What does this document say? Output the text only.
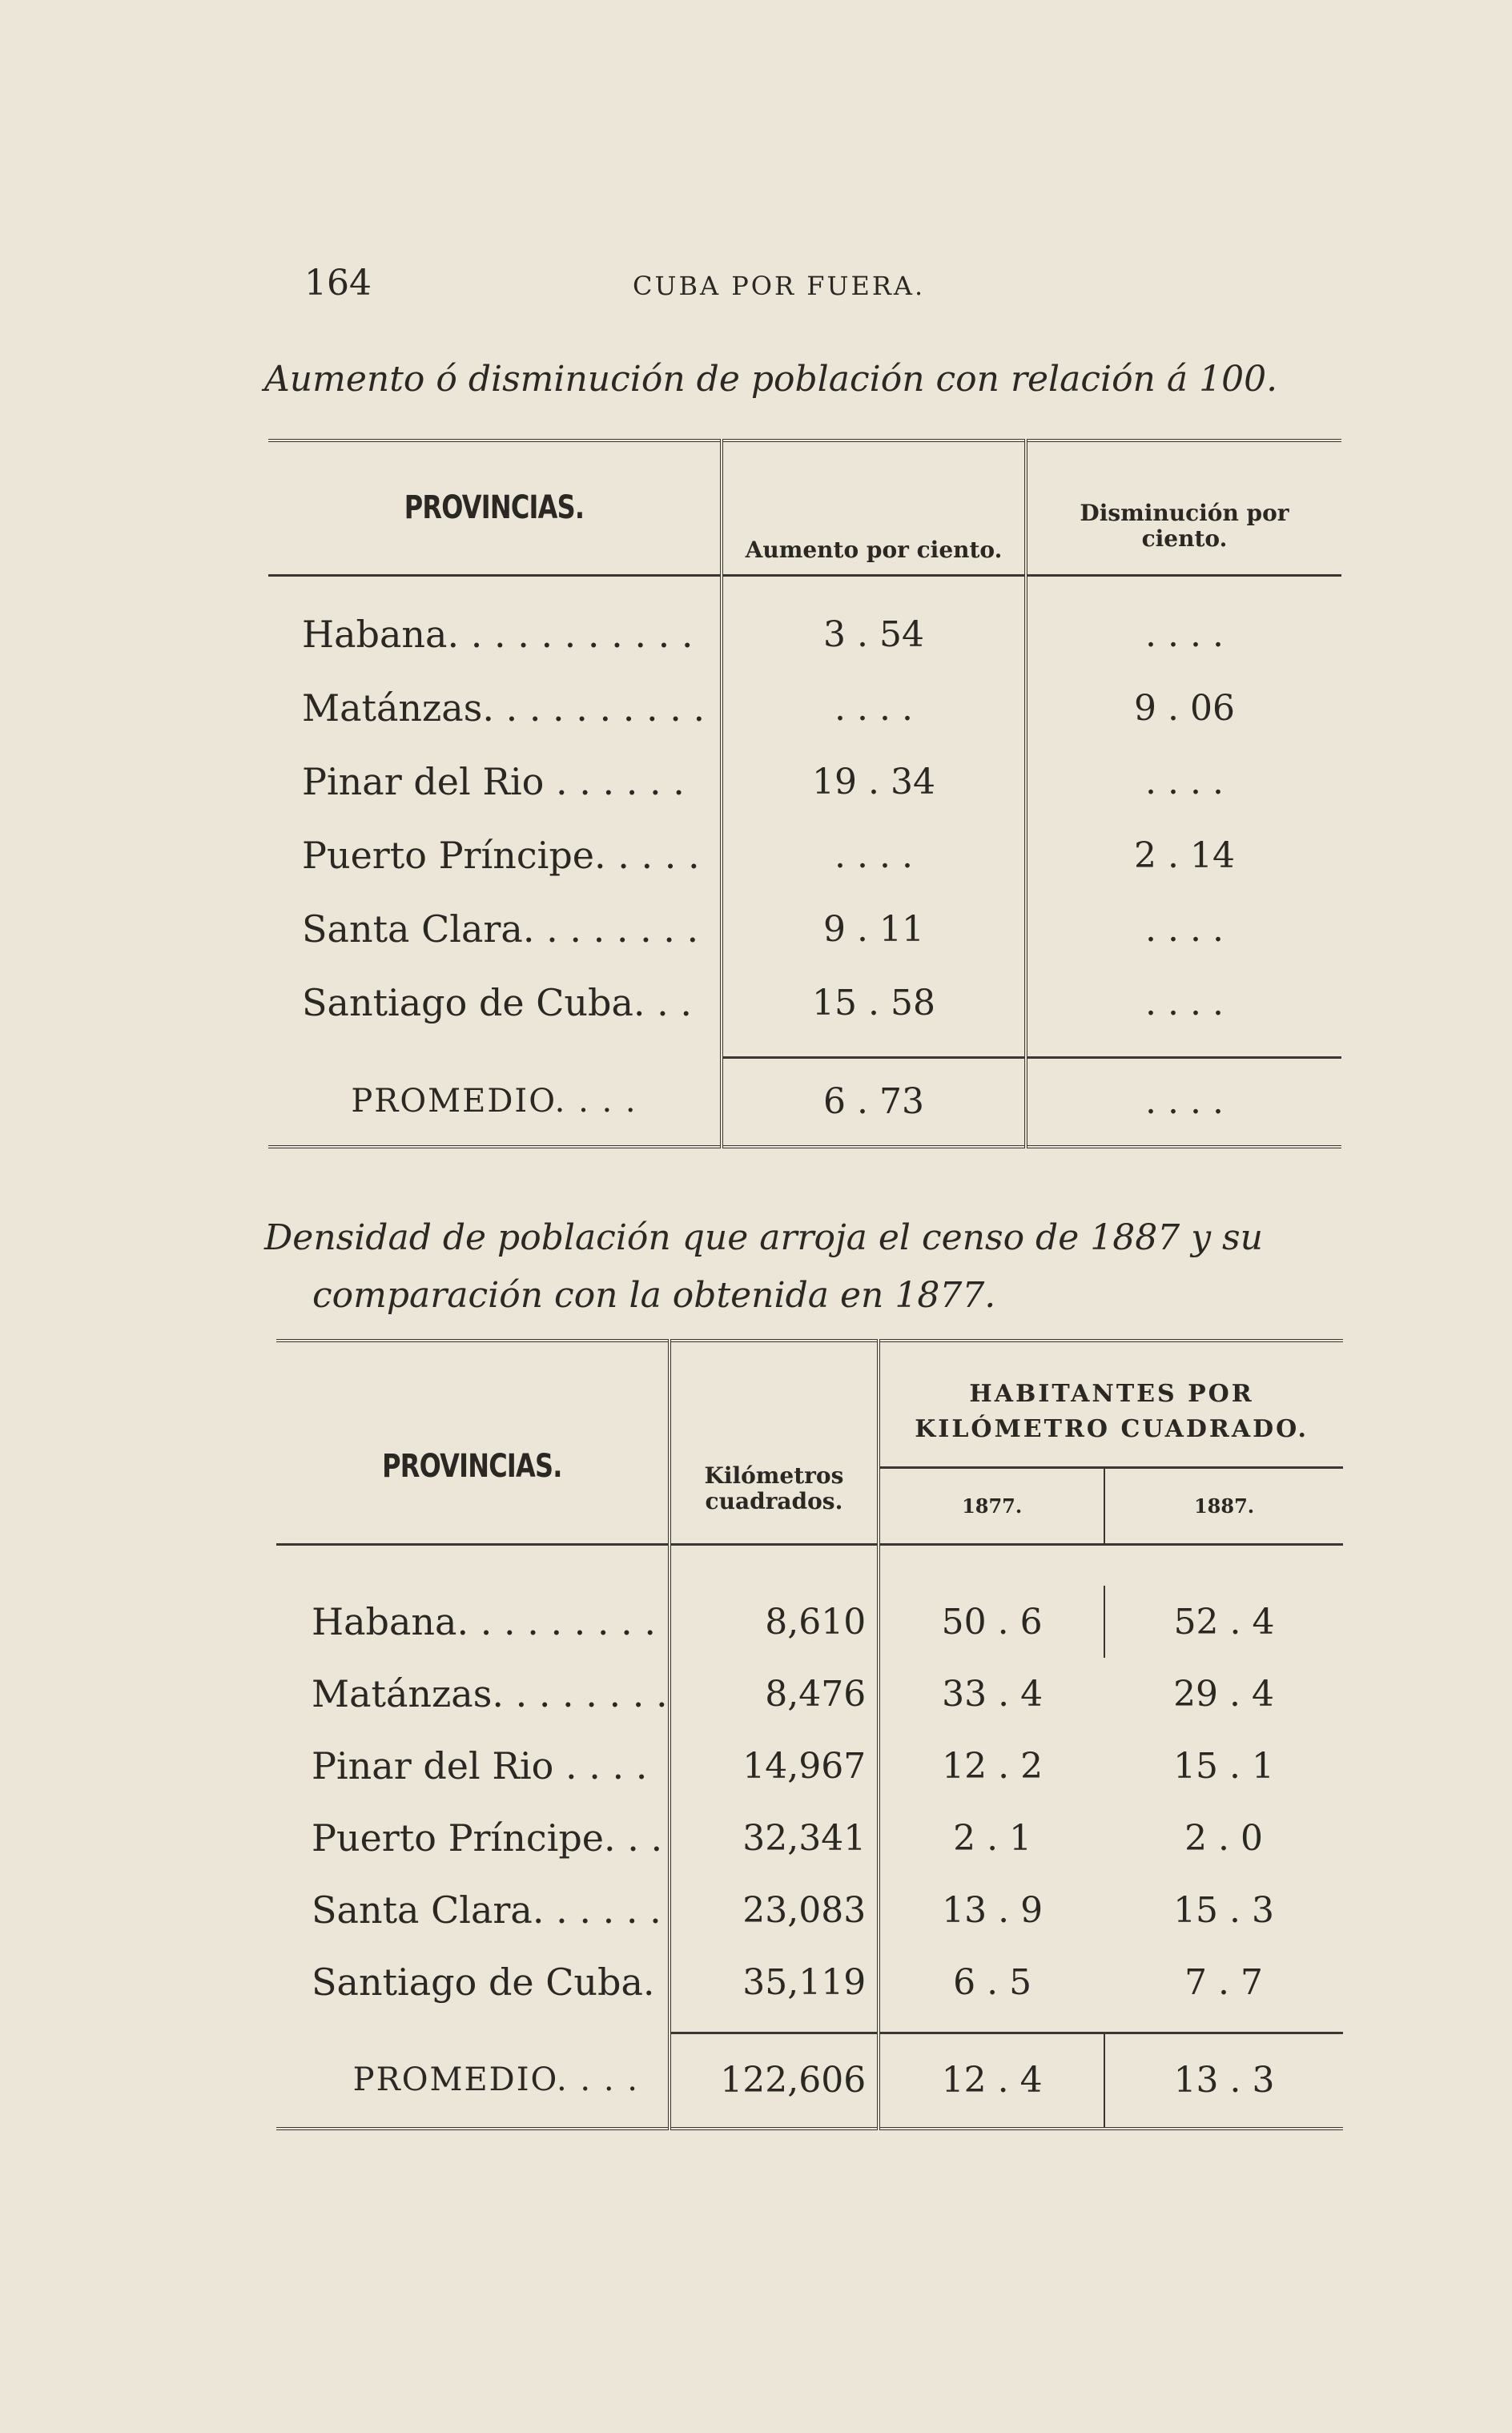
164	CUBA POR FUERA.
Aumento ó disminución de población con relación á 100.
PROVINCIAS.	Aumento por ciento.	Disminución por ciento.

Habana. . . . . . . . . . .	3 . 54	. . . .
Matánzas. . . . . . . . . .	. . . .	9 . 06
Pinar del Rio . . . . . .	19 . 34	. . . .
Puerto Príncipe. . . . .	. . . .	2 . 14
Santa Clara. . . . . . . .	9 . 11	. . . .
Santiago de Cuba. . .	15 . 58	. . . .

PROMEDIO. . . .	6 . 73	. . . .
Densidad de población que arroja el censo de 1887 y su
comparación con la obtenida en 1877.
PROVINCIAS.	Kilómetros cuadrados.	HABITANTES POR KILÓMETRO CUADRADO.	

		1877.	1887.

Habana. . . . . . . . .	8,610	50 . 6	52 . 4
Matánzas. . . . . . . .	8,476	33 . 4	29 . 4
Pinar del Rio . . . .	14,967	12 . 2	15 . 1
Puerto Príncipe. . .	32,341	2 . 1	2 . 0
Santa Clara. . . . . .	23,083	13 . 9	15 . 3
Santiago de Cuba.	35,119	6 . 5	7 . 7

PROMEDIO. . . .	122,606	12 . 4	13 . 3
